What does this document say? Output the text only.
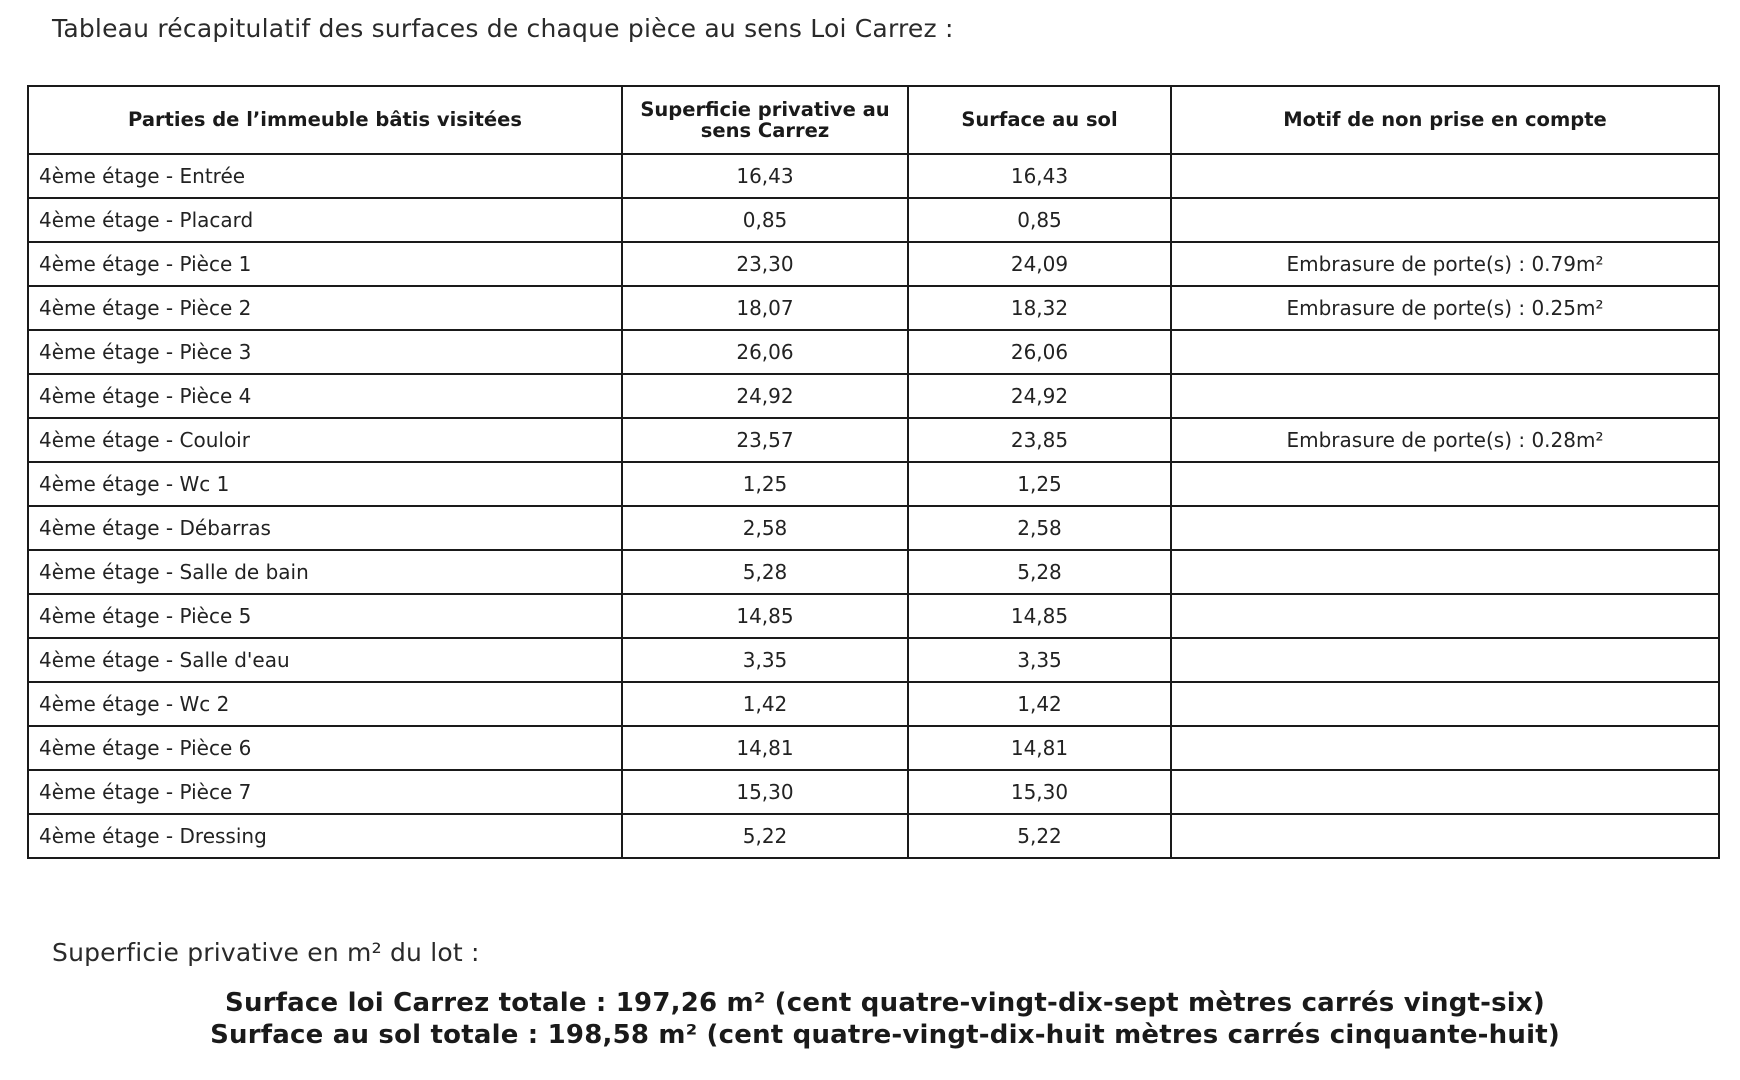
Tableau récapitulatif des surfaces de chaque pièce au sens Loi Carrez :
Parties de l’immeuble bâtis visitées	Superficie privative au sens Carrez	Surface au sol	Motif de non prise en compte
4ème étage - Entrée	16,43	16,43	
4ème étage - Placard	0,85	0,85	
4ème étage - Pièce 1	23,30	24,09	Embrasure de porte(s) : 0.79m²
4ème étage - Pièce 2	18,07	18,32	Embrasure de porte(s) : 0.25m²
4ème étage - Pièce 3	26,06	26,06	
4ème étage - Pièce 4	24,92	24,92	
4ème étage - Couloir	23,57	23,85	Embrasure de porte(s) : 0.28m²
4ème étage - Wc 1	1,25	1,25	
4ème étage - Débarras	2,58	2,58	
4ème étage - Salle de bain	5,28	5,28	
4ème étage - Pièce 5	14,85	14,85	
4ème étage - Salle d'eau	3,35	3,35	
4ème étage - Wc 2	1,42	1,42	
4ème étage - Pièce 6	14,81	14,81	
4ème étage - Pièce 7	15,30	15,30	
4ème étage - Dressing	5,22	5,22	
Superficie privative en m² du lot :
Surface loi Carrez totale : 197,26 m² (cent quatre-vingt-dix-sept mètres carrés vingt-six)
Surface au sol totale : 198,58 m² (cent quatre-vingt-dix-huit mètres carrés cinquante-huit)
